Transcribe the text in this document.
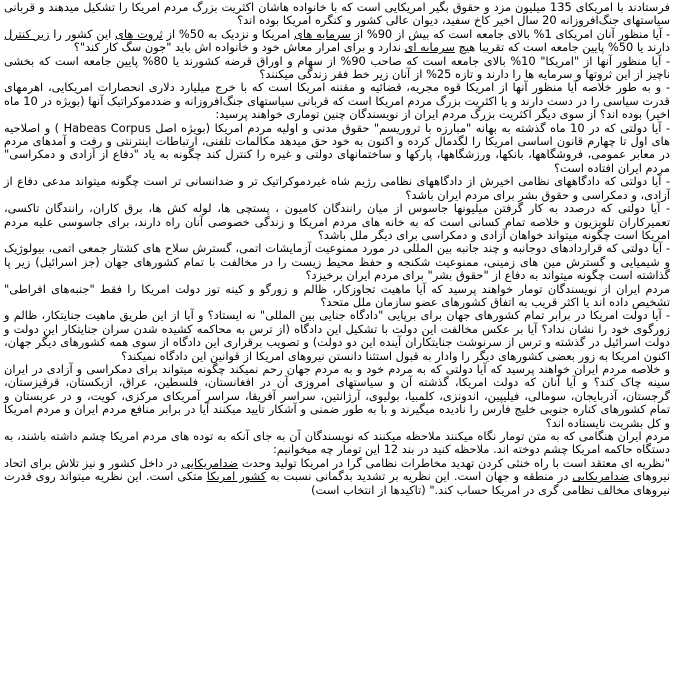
فرستادند با امریکای 135 میلیون مزد و حقوق بگیر امریکایی است که با خانواده هاشان اکثریت بزرگ مردم امریکا را تشکیل میدهند و قربانی سیاستهای جنگ‌افروزانه 20 سال اخیر کاخ سفید، دیوان عالی کشور و کنگره امریکا بوده اند؟

- آیا منظور آنان امریکای 1% بالای جامعه است که بیش از 90% از سرمایه های امریکا و نزدیک به 50% از ثروت های این کشور را زیر کنترل دارند یا 50% پایین جامعه است که تقریبا هیچ سرمایه ای ندارد و برای امرار معاش خود و خانواده اش باید "جون سگ کار کند"؟

- آیا منظور آنها از "امریکا" 10% بالای جامعه است که صاحب 90% از سهام و اوراق قرضه کشورند یا 80% پایین جامعه است که بخشی ناچیز از این ثروتها و سرمایه ها را دارند و تازه 25% از آنان زیر خط فقر زندگی میکنند؟

- و به طور خلاصه آیا منظور آنها از امریکا قوه مجریه، قضائیه و مقننه امریکا است که با خرج میلیارد دلاری انحصارات امریکایی، اهرمهای قدرت سیاسی را در دست دارند و یا اکثریت بزرگ مردم امریکا است که قربانی سیاستهای جنگ‌افروزانه و ضددموکراتیک آنها (بویژه در 10 ماه اخیر) بوده اند؟ از سوی دیگر اکثریت بزرگ مردم ایران از نویسندگان چنین توماری خواهند پرسید:

- آیا دولتی که در 10 ماه گذشته به بهانه "مبارزه با تروریسم" حقوق مدنی و اولیه مردم امریکا (بویژه اصل Habeas Corpus ) و اصلاحیه های اول تا چهارم قانون اساسی امریکا را لگدمال کرده و اکنون به خود حق میدهد مکالمات تلفنی، ارتباطات اینترنتی و رفت و آمدهای مردم در معابر عمومی، فروشگاهها، بانکها، ورزشگاهها، پارکها و ساختمانهای دولتی و غیره را کنترل کند چگونه به یاد "دفاع از آزادی و دمکراسی" مردم ایران افتاده است؟

- آیا دولتی که دادگاههای نظامی اخیرش از دادگاههای نظامی رژیم شاه غیردموکراتیک تر و ضدانسانی تر است چگونه میتواند مدعی دفاع از آزادی، و دمکراسی و حقوق بشر برای مردم ایران باشد؟

- آیا دولتی که درصدد به کار گرفتن میلیونها جاسوس از میان رانندگان کامیون ، پستچی ها، لوله کش ها، برق کاران، رانندگان تاکسی، تعمیرکاران تلویزیون و خلاصه تمام کسانی است که به خانه های مردم امریکا و زندگی خصوصی آنان راه دارند، برای جاسوسی علیه مردم امریکا است چگونه میتواند خواهان آزادی و دمکراسی برای دیگر ملل باشد؟

- آیا دولتی که قراردادهای دوجانبه و چند جانبه بین المللی در مورد ممنوعیت آزمایشات اتمی، گسترش سلاح های کشتار جمعی اتمی، بیولوژیک و شیمیایی و گسترش مین های زمینی، ممنوعیت شکنجه و حفظ محیط زیست را در مخالفت با تمام کشورهای جهان (جز اسرائیل) زیر پا گذاشته است چگونه میتواند به دفاع از "حقوق بشر" برای مردم ایران برخیزد؟

مردم ایران از نویسندگان تومار خواهند پرسید که آیا ماهیت تجاوزکار، ظالم و زورگو و کینه توز دولت امریکا را فقط "جنبه‌های افراطی" تشخیص داده اند یا اکثر قریب به اتفاق کشورهای عضو سازمان ملل متحد؟

- آیا دولت امریکا در برابر تمام کشورهای جهان برای برپایی "دادگاه جنایی بین المللی" نه ایستاد؟ و آیا از این طریق ماهیت جنایتکار، ظالم و زورگوی خود را نشان نداد؟ آیا بر عکس مخالفت این دولت با تشکیل این دادگاه (از ترس به محاکمه کشیده شدن سران جنایتکار این دولت و دولت اسرائیل در گذشته و ترس از سرنوشت جنایتکاران آینده این دو دولت) و تصویب برقراری این دادگاه از سوی همه کشورهای دیگر جهان، اکنون امریکا به زور بعضی کشورهای دیگر را وادار به قبول استثنا دانستن نیروهای امریکا از قوانین این دادگاه نمیکند؟

و خلاصه مردم ایران خواهند پرسید که آیا دولتی که به مردم خود و به مردم جهان رحم نمیکند چگونه میتواند برای دمکراسی و آزادی در ایران سینه چاک کند؟ و آیا آنان که دولت امریکا، گذشته آن و سیاستهای امروزی آن در افغانستان، فلسطین، عراق، ازبکستان، قرقیزستان، گرجستان، آذربایجان، سومالی، فیلیپین، اندونزی، کلمبیا، بولیوی، آرژانتین، سراسر آفریقا، سراسر آمریکای مرکزی، کویت، و در عربستان و تمام کشورهای کناره جنوبی خلیج فارس را نادیده میگیرند و با به طور ضمنی و آشکار تایید میکنند آیا در برابر منافع مردم ایران و مردم امریکا و کل بشریت نایستاده اند؟

مردم ایران هنگامی که به متن تومار نگاه میکنند ملاحظه میکنند که نویسندگان آن به جای آنکه به توده های مردم امریکا چشم داشته باشند، به دستگاه حاکمه امریکا چشم دوخته اند. ملاحظه کنید در بند 12 این تومار چه میخوانیم:

"نظریه ای معتقد است با راه خنثی کردن تهدید مخاطرات نظامی گرا در امریکا تولید وحدت ضدامریکایی در داخل کشور و نیز تلاش برای اتحاد نیروهای ضدامریکایی در منطقه و جهان است. این نظریه بر تشدید بدگمانی نسبت به کشور امریکا متکی است. این نظریه میتواند روی قدرت نیروهای مخالف نظامی گری در امریکا حساب کند." (تاکیدها از انتخاب است)
